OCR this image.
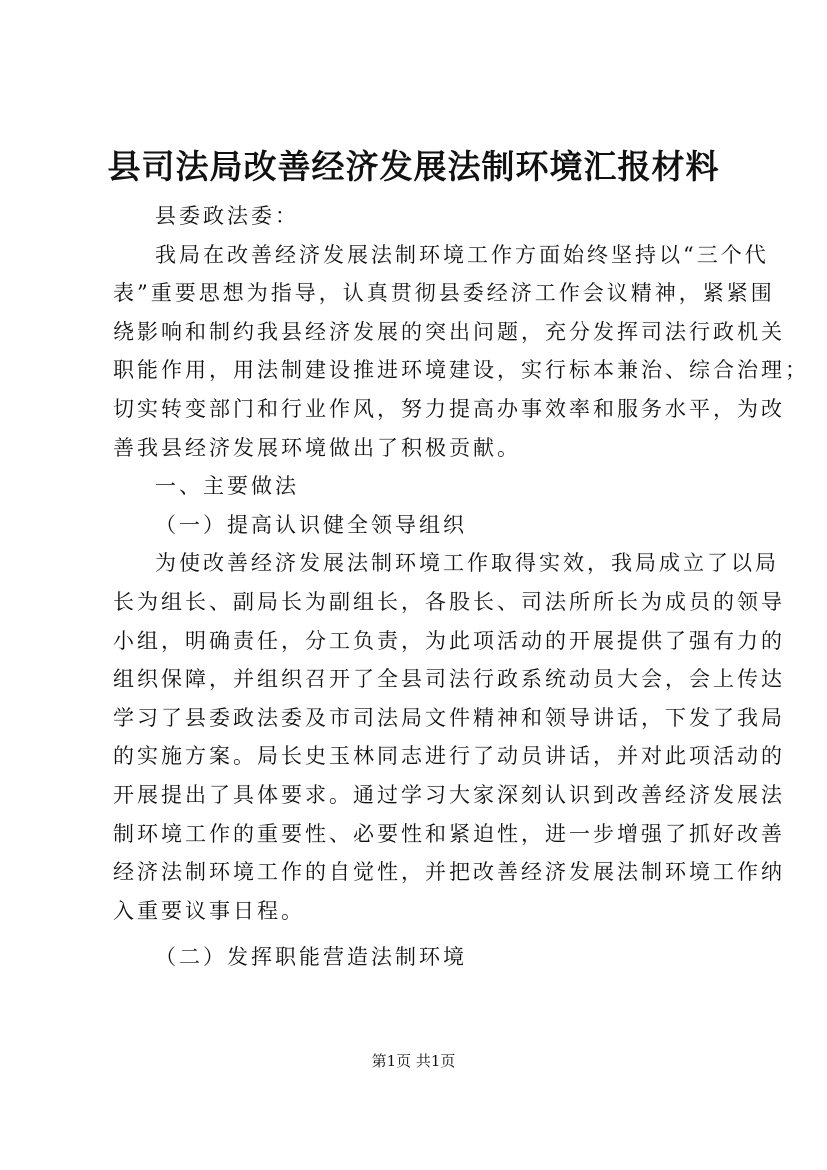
县司法局改善经济发展法制环境汇报材料

县委政法委：

我局在改善经济发展法制环境工作方面始终坚持以“三个代

表”重要思想为指导，认真贯彻县委经济工作会议精神，紧紧围

绕影响和制约我县经济发展的突出问题，充分发挥司法行政机关

职能作用，用法制建设推进环境建设，实行标本兼治、综合治理；

切实转变部门和行业作风，努力提高办事效率和服务水平，为改

善我县经济发展环境做出了积极贡献。

一、主要做法

（一）提高认识健全领导组织

为使改善经济发展法制环境工作取得实效，我局成立了以局

长为组长、副局长为副组长，各股长、司法所所长为成员的领导

小组，明确责任，分工负责，为此项活动的开展提供了强有力的

组织保障，并组织召开了全县司法行政系统动员大会，会上传达

学习了县委政法委及市司法局文件精神和领导讲话，下发了我局

的实施方案。局长史玉林同志进行了动员讲话，并对此项活动的

开展提出了具体要求。通过学习大家深刻认识到改善经济发展法

制环境工作的重要性、必要性和紧迫性，进一步增强了抓好改善

经济法制环境工作的自觉性，并把改善经济发展法制环境工作纳

入重要议事日程。

（二）发挥职能营造法制环境

第1页 共1页
